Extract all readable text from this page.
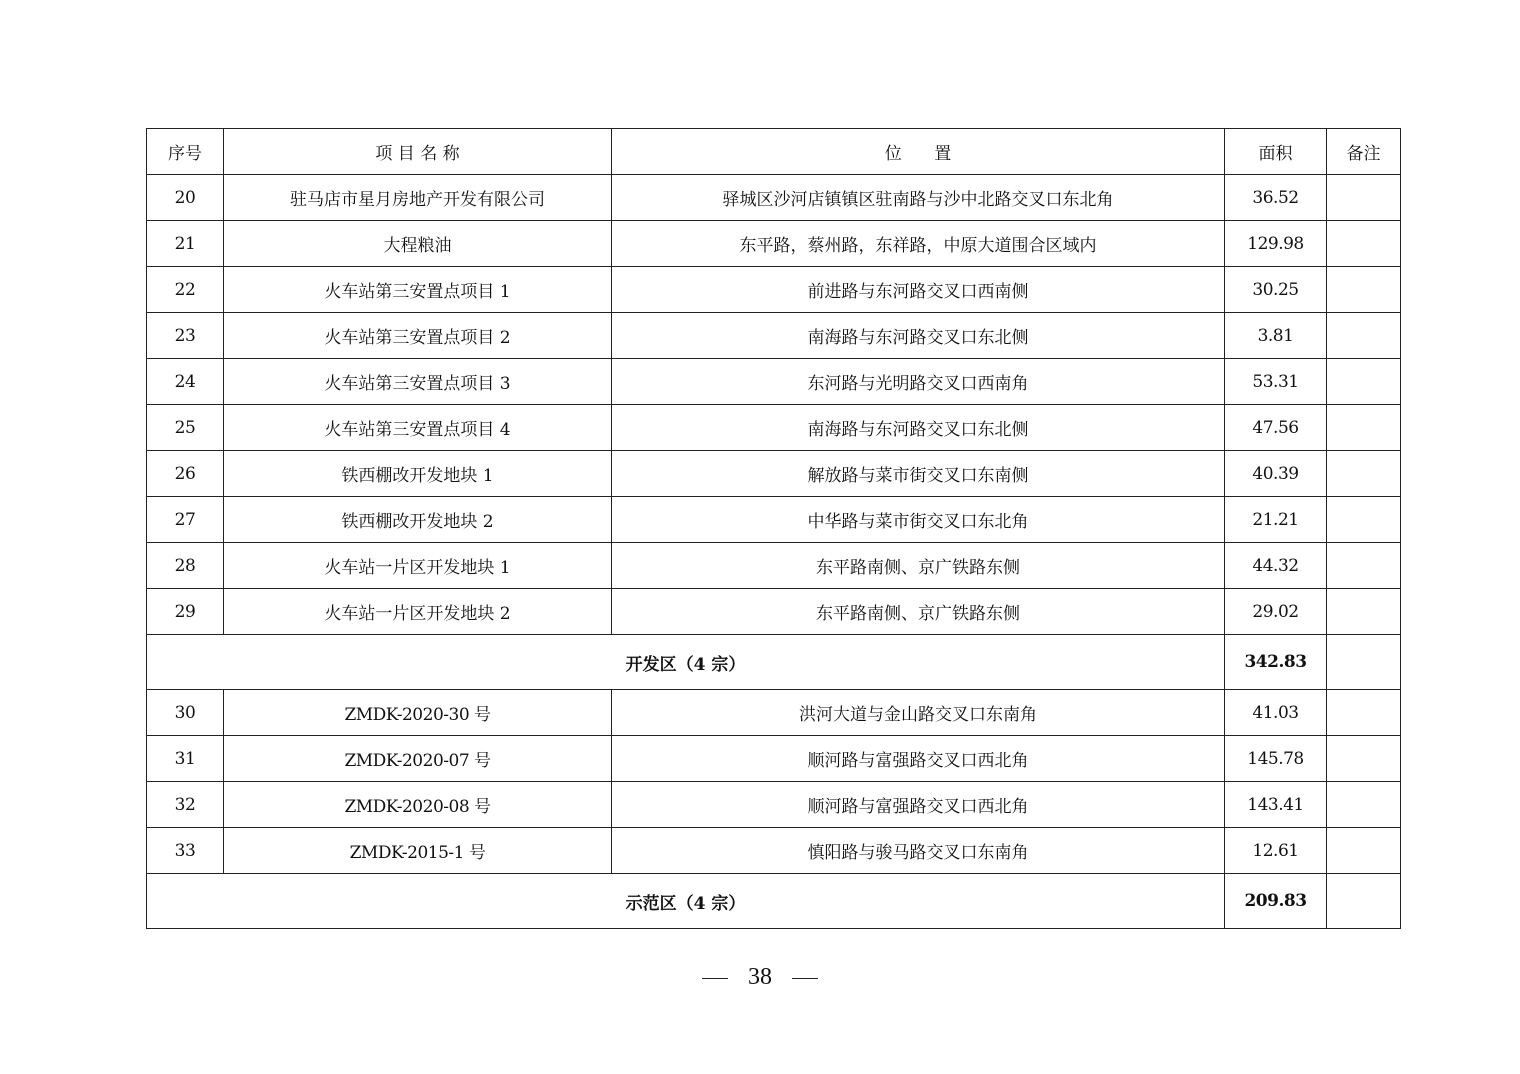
序号	项 目 名 称	位      置	面积	备注
20	驻马店市星月房地产开发有限公司	驿城区沙河店镇镇区驻南路与沙中北路交叉口东北角	36.52	
21	大程粮油	东平路，蔡州路，东祥路，中原大道围合区域内	129.98	
22	火车站第三安置点项目 1	前进路与东河路交叉口西南侧	30.25	
23	火车站第三安置点项目 2	南海路与东河路交叉口东北侧	3.81	
24	火车站第三安置点项目 3	东河路与光明路交叉口西南角	53.31	
25	火车站第三安置点项目 4	南海路与东河路交叉口东北侧	47.56	
26	铁西棚改开发地块 1	解放路与菜市街交叉口东南侧	40.39	
27	铁西棚改开发地块 2	中华路与菜市街交叉口东北角	21.21	
28	火车站一片区开发地块 1	东平路南侧、京广铁路东侧	44.32	
29	火车站一片区开发地块 2	东平路南侧、京广铁路东侧	29.02	
开发区（4 宗）			342.83	
30	ZMDK-2020-30 号	洪河大道与金山路交叉口东南角	41.03	
31	ZMDK-2020-07 号	顺河路与富强路交叉口西北角	145.78	
32	ZMDK-2020-08 号	顺河路与富强路交叉口西北角	143.41	
33	ZMDK-2015-1 号	慎阳路与骏马路交叉口东南角	12.61	
示范区（4 宗）			209.83	
38
